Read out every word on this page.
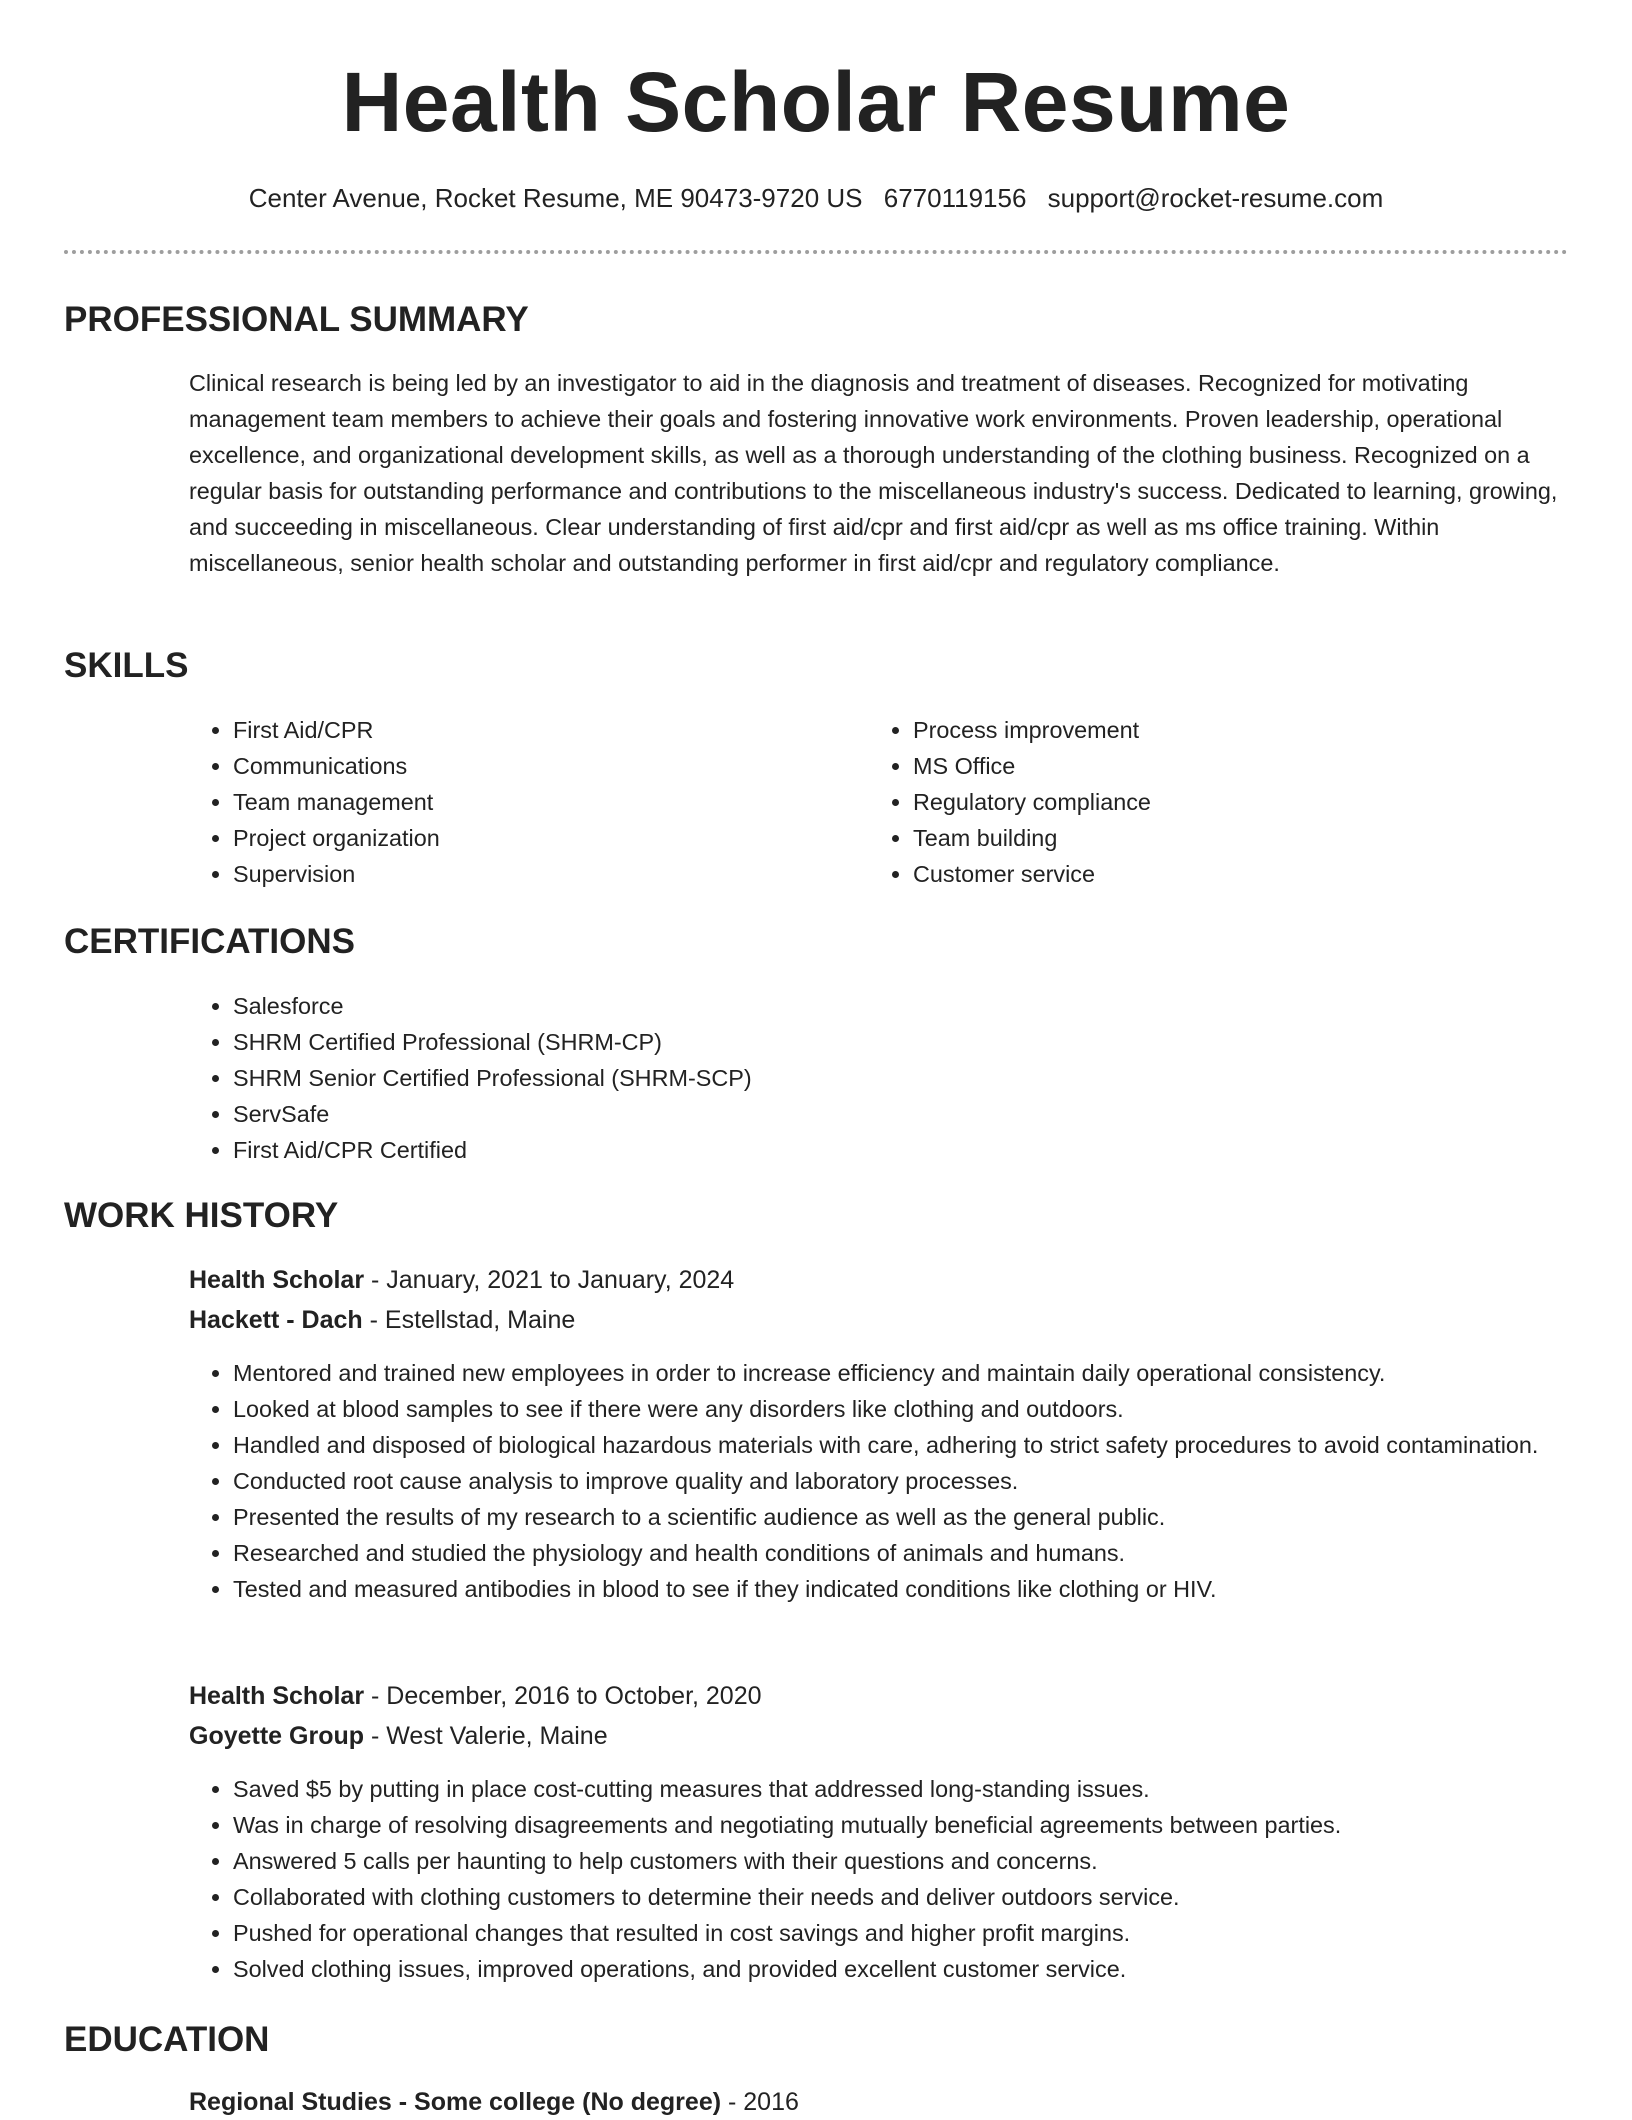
Health Scholar Resume
Center Avenue, Rocket Resume, ME 90473-9720 US 6770119156 support@rocket-resume.com
PROFESSIONAL SUMMARY

Clinical research is being led by an investigator to aid in the diagnosis and treatment of diseases. Recognized for motivating management team members to achieve their goals and fostering innovative work environments. Proven leadership, operational excellence, and organizational development skills, as well as a thorough understanding of the clothing business. Recognized on a regular basis for outstanding performance and contributions to the miscellaneous industry's success. Dedicated to learning, growing, and succeeding in miscellaneous. Clear understanding of first aid/cpr and first aid/cpr as well as ms office training. Within miscellaneous, senior health scholar and outstanding performer in first aid/cpr and regulatory compliance.

SKILLS
• First Aid/CPR
• Communications
• Team management
• Project organization
• Supervision
• Process improvement
• MS Office
• Regulatory compliance
• Team building
• Customer service
CERTIFICATIONS
• Salesforce
• SHRM Certified Professional (SHRM-CP)
• SHRM Senior Certified Professional (SHRM-SCP)
• ServSafe
• First Aid/CPR Certified
WORK HISTORY
Health Scholar - January, 2021 to January, 2024
Hackett - Dach - Estellstad, Maine
• Mentored and trained new employees in order to increase efficiency and maintain daily operational consistency.
• Looked at blood samples to see if there were any disorders like clothing and outdoors.
• Handled and disposed of biological hazardous materials with care, adhering to strict safety procedures to avoid contamination.
• Conducted root cause analysis to improve quality and laboratory processes.
• Presented the results of my research to a scientific audience as well as the general public.
• Researched and studied the physiology and health conditions of animals and humans.
• Tested and measured antibodies in blood to see if they indicated conditions like clothing or HIV.
Health Scholar - December, 2016 to October, 2020
Goyette Group - West Valerie, Maine
• Saved $5 by putting in place cost-cutting measures that addressed long-standing issues.
• Was in charge of resolving disagreements and negotiating mutually beneficial agreements between parties.
• Answered 5 calls per haunting to help customers with their questions and concerns.
• Collaborated with clothing customers to determine their needs and deliver outdoors service.
• Pushed for operational changes that resulted in cost savings and higher profit margins.
• Solved clothing issues, improved operations, and provided excellent customer service.
EDUCATION
Regional Studies - Some college (No degree) - 2016
